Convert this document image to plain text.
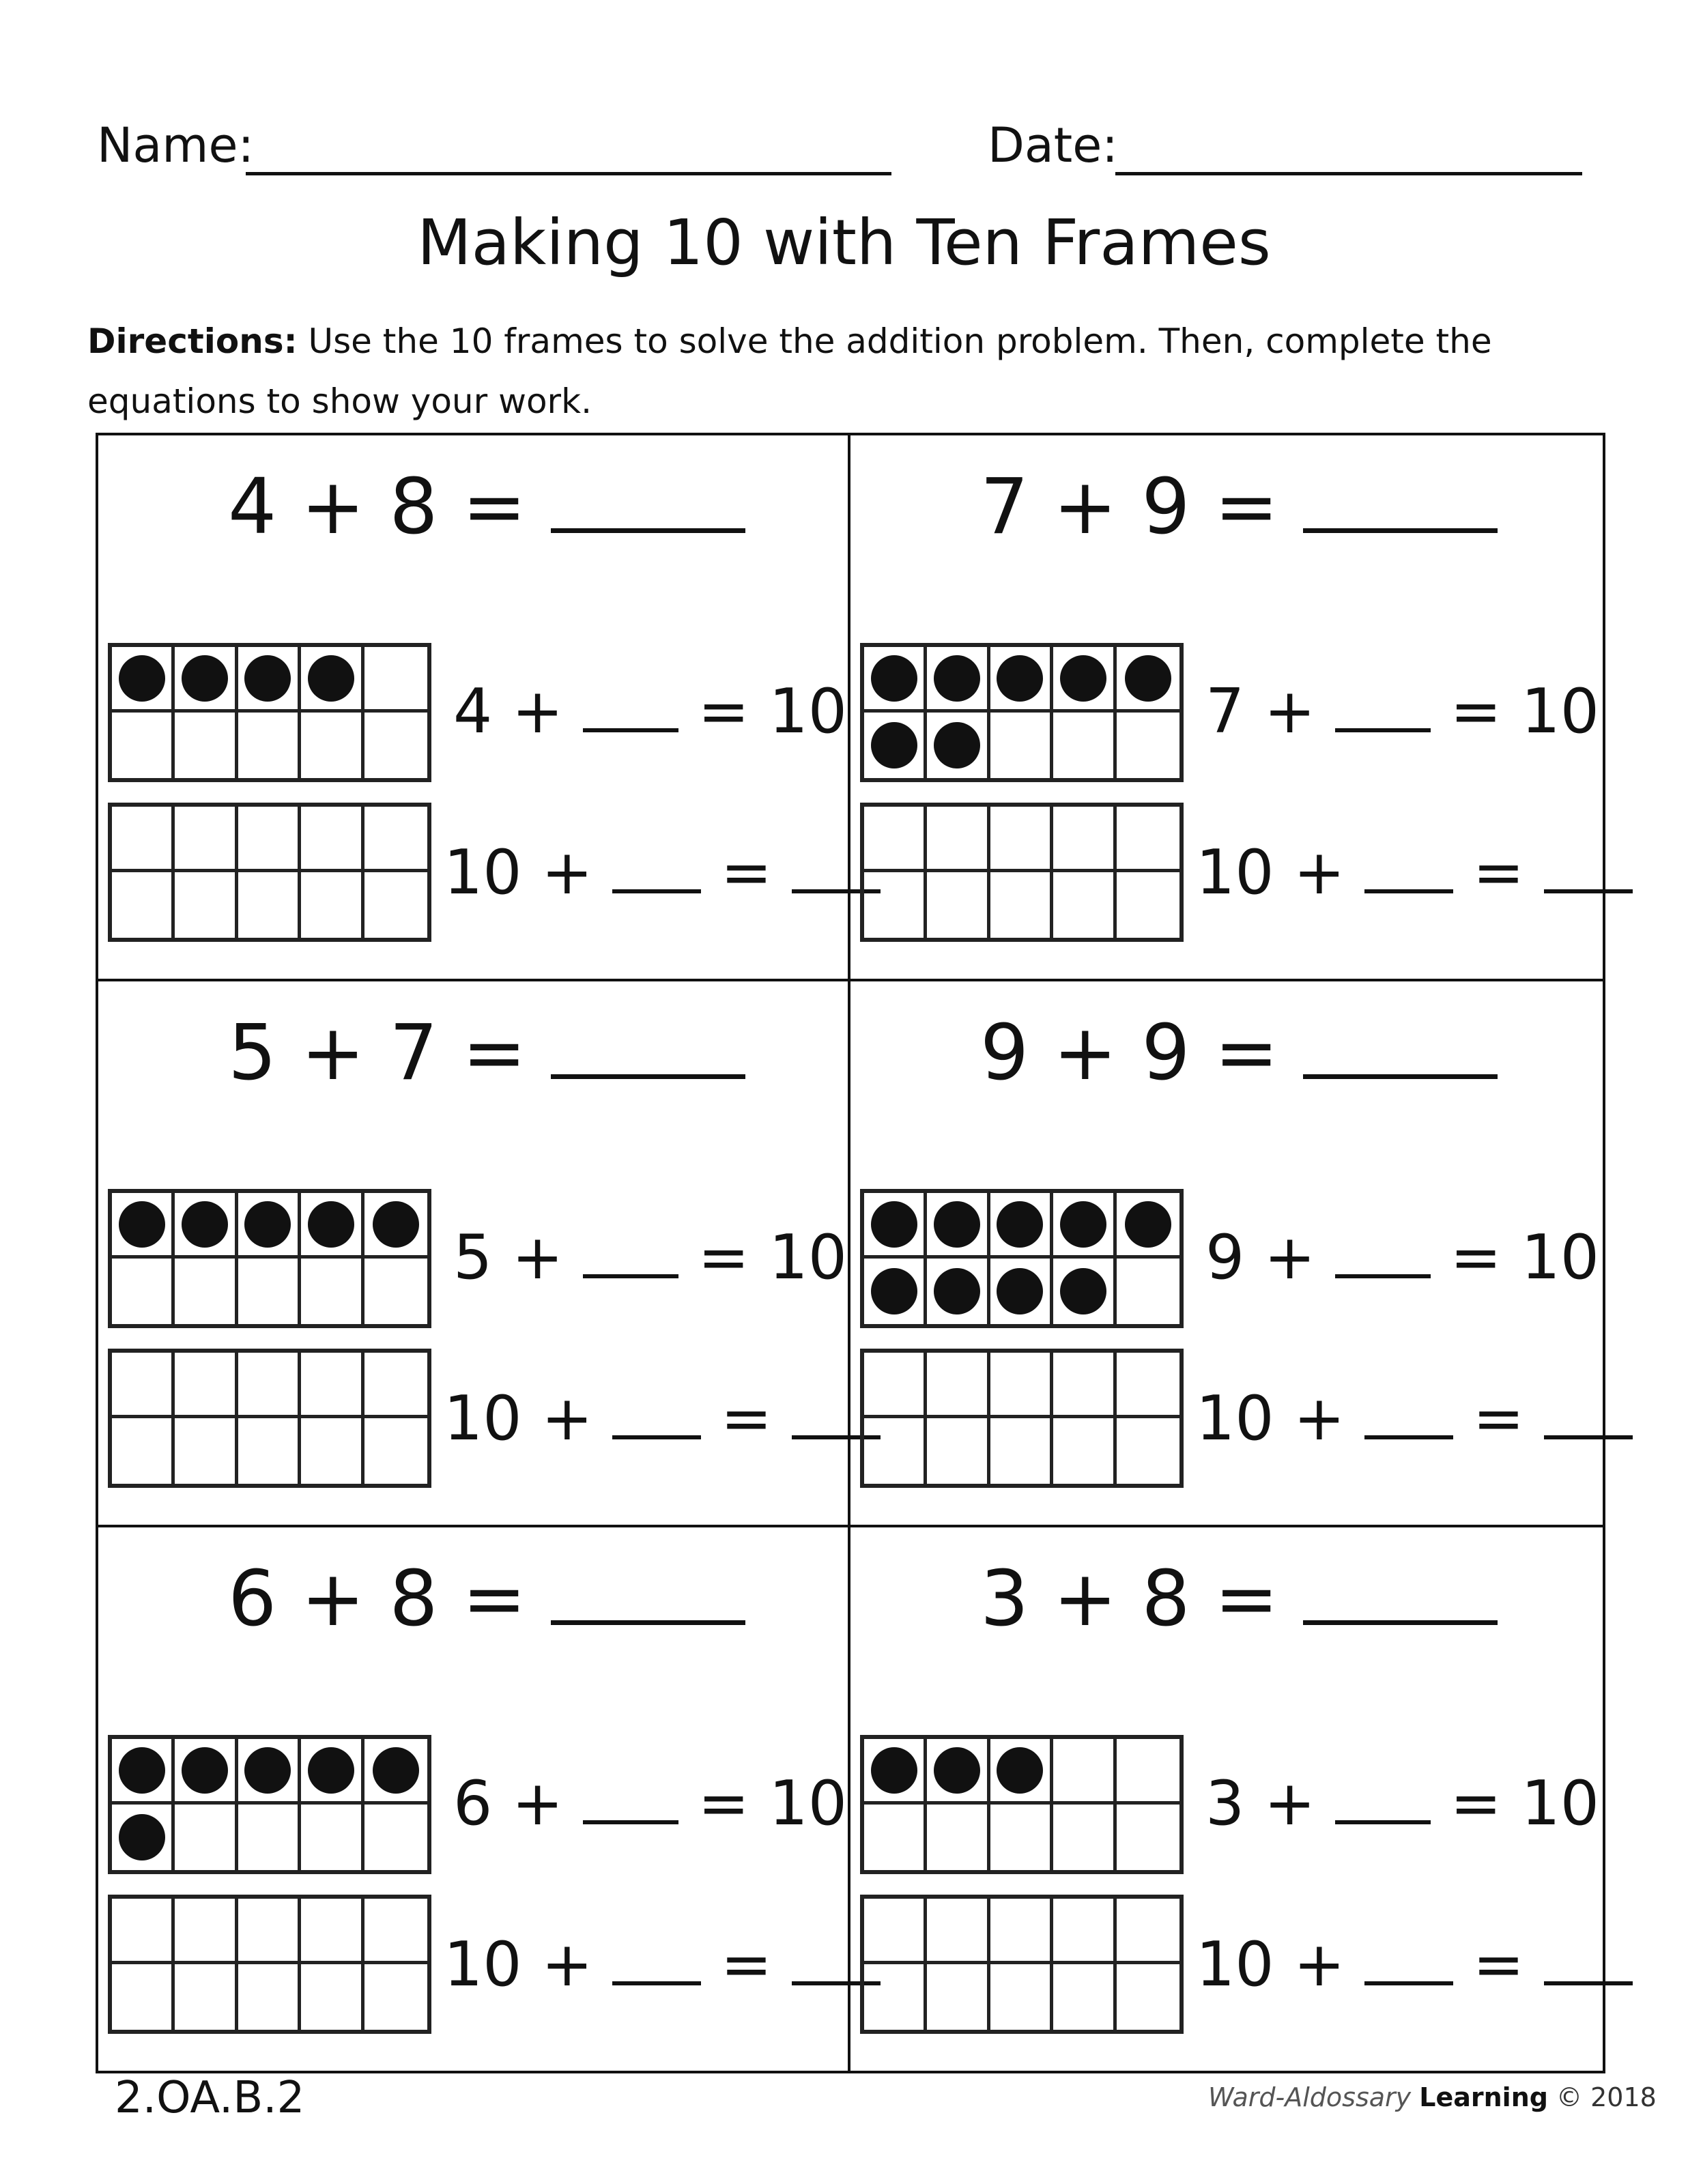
Name:	Date:
Making 10 with Ten Frames
Directions: Use the 10 frames to solve the addition problem. Then, complete the equations to show your work.
4 + 8 =
4 + = 10
10 + =
7 + 9 =
7 + = 10
10 + =
5 + 7 =
5 + = 10
10 + =
9 + 9 =
9 + = 10
10 + =
6 + 8 =
6 + = 10
10 + =
3 + 8 =
3 + = 10
10 + =
2.OA.B.2	Ward-Aldossary Learning © 2018
